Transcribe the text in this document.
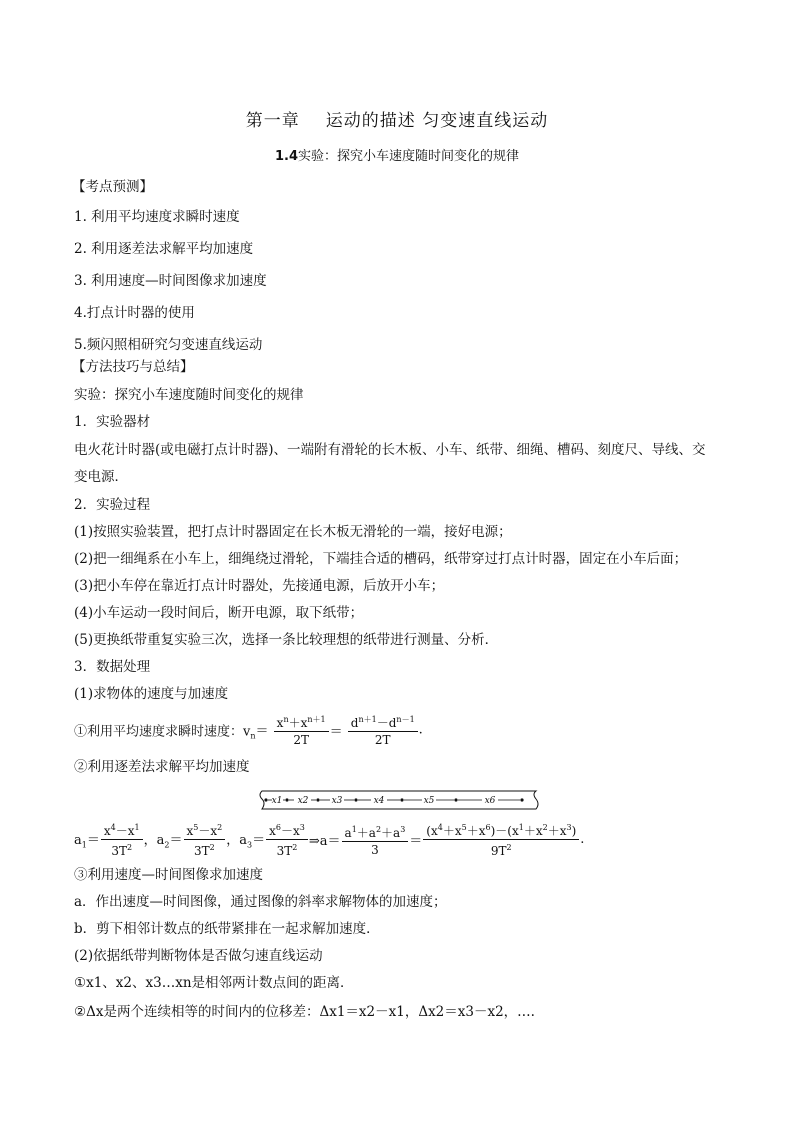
第一章 运动的描述 匀变速直线运动
1.4实验：探究小车速度随时间变化的规律
【考点预测】
1. 利用平均速度求瞬时速度
2. 利用逐差法求解平均加速度
3. 利用速度—时间图像求加速度
4.打点计时器的使用
5.频闪照相研究匀变速直线运动
【方法技巧与总结】
实验：探究小车速度随时间变化的规律
1．实验器材
电火花计时器(或电磁打点计时器)、一端附有滑轮的长木板、小车、纸带、细绳、槽码、刻度尺、导线、交
变电源．
2．实验过程
(1)按照实验装置，把打点计时器固定在长木板无滑轮的一端，接好电源；
(2)把一细绳系在小车上，细绳绕过滑轮，下端挂合适的槽码，纸带穿过打点计时器，固定在小车后面；
(3)把小车停在靠近打点计时器处，先接通电源，后放开小车；
(4)小车运动一段时间后，断开电源，取下纸带；
(5)更换纸带重复实验三次，选择一条比较理想的纸带进行测量、分析．
3．数据处理
(1)求物体的速度与加速度
①利用平均速度求瞬时速度：$v_n= \frac{x^n+x^{n+1}}{2T} = \frac{d^{n+1}-d^{n-1}}{2T}$ .
②利用逐差法求解平均加速度
x1 x2	x3	x4	x5	x6
$a_1= \frac{x^4-x^1}{3T^2}$ ，$a_2= \frac{x^5-x^2}{3T^2}$ ，$a_3= \frac{x^6-x^3}{3T^2}$ ⇒a＝ $\frac{a^1+a^2+a^3}{3} = \frac{(x^4+x^5+x^6)-(x^1+x^2+x^3)}{9T^2}$ .
③利用速度—时间图像求加速度
a．作出速度—时间图像，通过图像的斜率求解物体的加速度；
b．剪下相邻计数点的纸带紧排在一起求解加速度．
(2)依据纸带判断物体是否做匀速直线运动
①x1、x2、x3…xn是相邻两计数点间的距离．
②Δx是两个连续相等的时间内的位移差：Δx1＝x2－x1，Δx2＝x3－x2，….
